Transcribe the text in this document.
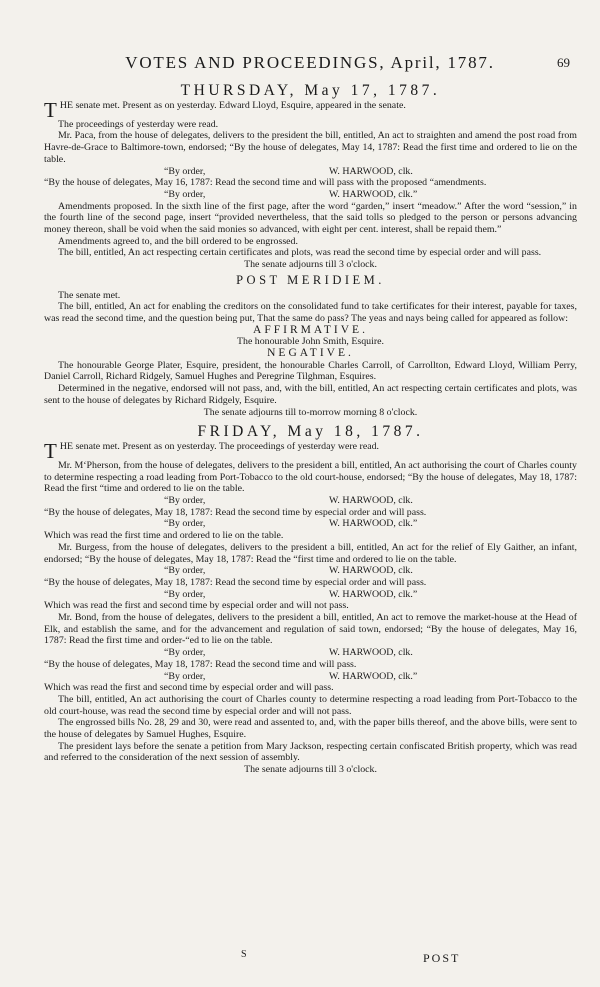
VOTES AND PROCEEDINGS, April, 1787.	69
THURSDAY, May 17, 1787.

THE senate met. Present as on yesterday. Edward Lloyd, Esquire, appeared in the senate.

The proceedings of yesterday were read.

Mr. Paca, from the house of delegates, delivers to the president the bill, entitled, An act to straighten and amend the post road from Havre-de-Grace to Baltimore-town, endorsed; “By the house of delegates, May 14, 1787: Read the first time and ordered to lie on the table.

“By order,	W. HARWOOD, clk.

“By the house of delegates, May 16, 1787: Read the second time and will pass with the proposed “amendments.

“By order,	W. HARWOOD, clk.”

Amendments proposed. In the sixth line of the first page, after the word “garden,” insert “meadow.” After the word “session,” in the fourth line of the second page, insert “provided nevertheless, that the said tolls so pledged to the person or persons advancing money thereon, shall be void when the said monies so advanced, with eight per cent. interest, shall be repaid them.”

Amendments agreed to, and the bill ordered to be engrossed.

The bill, entitled, An act respecting certain certificates and plots, was read the second time by especial order and will pass.

The senate adjourns till 3 o'clock.

POST MERIDIEM.

The senate met.

The bill, entitled, An act for enabling the creditors on the consolidated fund to take certificates for their interest, payable for taxes, was read the second time, and the question being put, That the same do pass? The yeas and nays being called for appeared as follow:

AFFIRMATIVE.

The honourable John Smith, Esquire.

NEGATIVE.

The honourable George Plater, Esquire, president, the honourable Charles Carroll, of Carrollton, Edward Lloyd, William Perry, Daniel Carroll, Richard Ridgely, Samuel Hughes and Peregrine Tilghman, Esquires.

Determined in the negative, endorsed will not pass, and, with the bill, entitled, An act respecting certain certificates and plots, was sent to the house of delegates by Richard Ridgely, Esquire.

The senate adjourns till to-morrow morning 8 o'clock.

FRIDAY, May 18, 1787.

THE senate met. Present as on yesterday. The proceedings of yesterday were read.

Mr. M‘Pherson, from the house of delegates, delivers to the president a bill, entitled, An act authorising the court of Charles county to determine respecting a road leading from Port-Tobacco to the old court-house, endorsed; “By the house of delegates, May 18, 1787: Read the first “time and ordered to lie on the table.

“By order,	W. HARWOOD, clk.

“By the house of delegates, May 18, 1787: Read the second time by especial order and will pass.

“By order,	W. HARWOOD, clk.”

Which was read the first time and ordered to lie on the table.

Mr. Burgess, from the house of delegates, delivers to the president a bill, entitled, An act for the relief of Ely Gaither, an infant, endorsed; “By the house of delegates, May 18, 1787: Read the “first time and ordered to lie on the table.

“By order,	W. HARWOOD, clk.

“By the house of delegates, May 18, 1787: Read the second time by especial order and will pass.

“By order,	W. HARWOOD, clk.”

Which was read the first and second time by especial order and will not pass.

Mr. Bond, from the house of delegates, delivers to the president a bill, entitled, An act to remove the market-house at the Head of Elk, and establish the same, and for the advancement and regulation of said town, endorsed; “By the house of delegates, May 16, 1787: Read the first time and order-“ed to lie on the table.

“By order,	W. HARWOOD, clk.

“By the house of delegates, May 18, 1787: Read the second time and will pass.

“By order,	W. HARWOOD, clk.”

Which was read the first and second time by especial order and will pass.

The bill, entitled, An act authorising the court of Charles county to determine respecting a road leading from Port-Tobacco to the old court-house, was read the second time by especial order and will not pass.

The engrossed bills No. 28, 29 and 30, were read and assented to, and, with the paper bills thereof, and the above bills, were sent to the house of delegates by Samuel Hughes, Esquire.

The president lays before the senate a petition from Mary Jackson, respecting certain confiscated British property, which was read and referred to the consideration of the next session of assembly.

The senate adjourns till 3 o'clock.

S	POST
